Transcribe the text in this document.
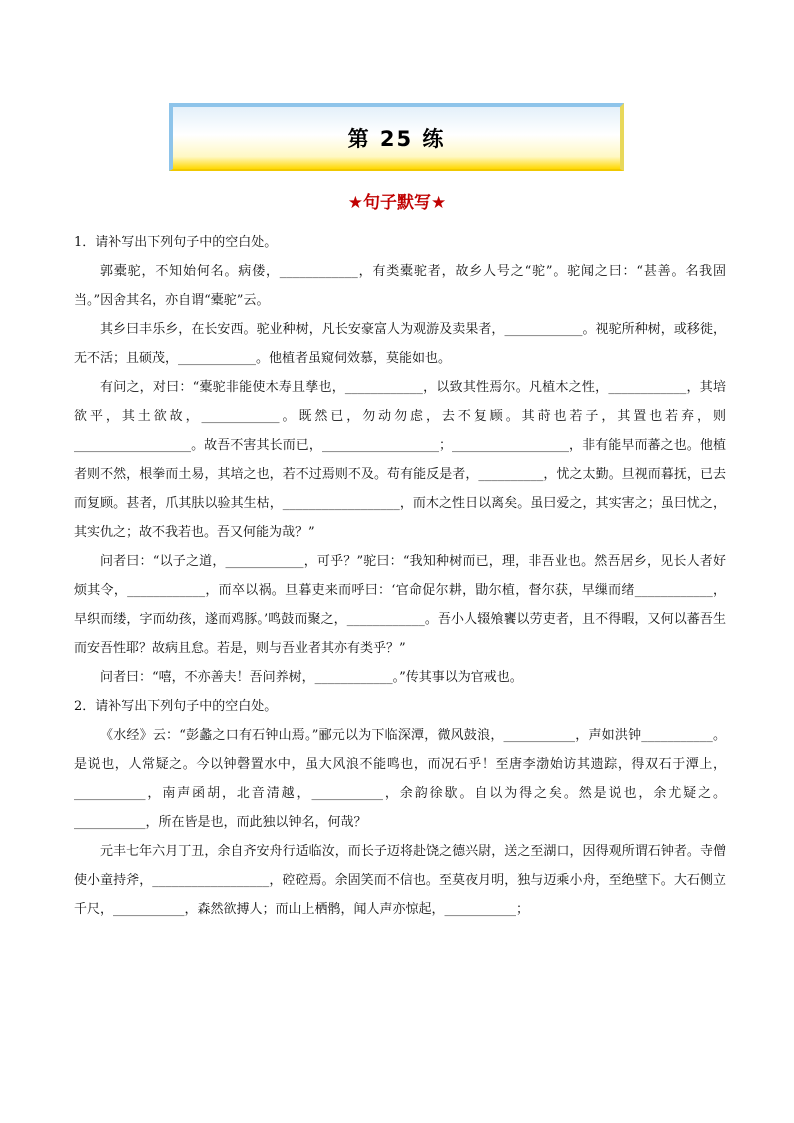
第 25 练
★句子默写★

1．请补写出下列句子中的空白处。

郭橐驼，不知始何名。病偻，____________，有类橐驼者，故乡人号之“驼”。驼闻之曰：“甚善。名我固当。”因舍其名，亦自谓“橐驼”云。

其乡曰丰乐乡，在长安西。驼业种树，凡长安豪富人为观游及卖果者，____________。视驼所种树，或移徙，无不活；且硕茂，____________。他植者虽窥伺效慕，莫能如也。

有问之，对曰：“橐驼非能使木寿且孳也，____________，以致其性焉尔。凡植木之性，____________，其培欲平，其土欲故，____________。既然已，勿动勿虑，去不复顾。其莳也若子，其置也若弃，则__________________。故吾不害其长而已，__________________；__________________，非有能早而蕃之也。他植者则不然，根拳而土易，其培之也，若不过焉则不及。苟有能反是者，__________，忧之太勤。旦视而暮抚，已去而复顾。甚者，爪其肤以验其生枯，__________________，而木之性日以离矣。虽曰爱之，其实害之；虽曰忧之，其实仇之；故不我若也。吾又何能为哉？”

问者曰：“以子之道，____________，可乎？”驼曰：“我知种树而已，理，非吾业也。然吾居乡，见长人者好烦其令，____________，而卒以祸。旦暮吏来而呼曰：‘官命促尔耕，勖尔植，督尔获，早缫而绪____________，早织而缕，字而幼孩，遂而鸡豚。’鸣鼓而聚之，____________。吾小人辍飧饔以劳吏者，且不得暇，又何以蕃吾生而安吾性耶？故病且怠。若是，则与吾业者其亦有类乎？”

问者曰：“嘻，不亦善夫！吾问养树，____________。”传其事以为官戒也。

2．请补写出下列句子中的空白处。

《水经》云：“彭蠡之口有石钟山焉。”郦元以为下临深潭，微风鼓浪，___________，声如洪钟___________。是说也，人常疑之。今以钟磬置水中，虽大风浪不能鸣也，而况石乎！至唐李渤始访其遗踪，得双石于潭上，___________，南声函胡，北音清越，___________，余韵徐歇。自以为得之矣。然是说也，余尤疑之。___________，所在皆是也，而此独以钟名，何哉？

元丰七年六月丁丑，余自齐安舟行适临汝，而长子迈将赴饶之德兴尉，送之至湖口，因得观所谓石钟者。寺僧使小童持斧，__________________，硿硿焉。余固笑而不信也。至莫夜月明，独与迈乘小舟，至绝壁下。大石侧立千尺，___________，森然欲搏人；而山上栖鹘，闻人声亦惊起，___________；
